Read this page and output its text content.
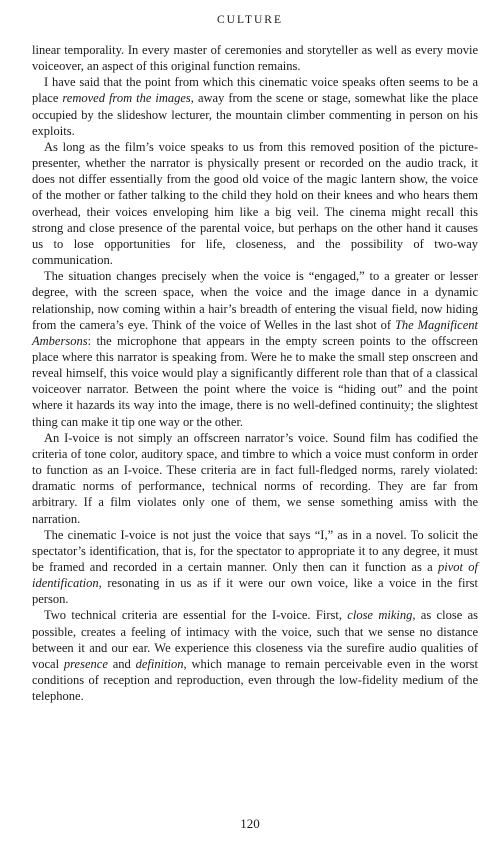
CULTURE

linear temporality. In every master of ceremonies and storyteller as well as every movie voiceover, an aspect of this original function remains.

I have said that the point from which this cinematic voice speaks often seems to be a place removed from the images, away from the scene or stage, somewhat like the place occupied by the slideshow lecturer, the mountain climber commenting in person on his exploits.

As long as the film’s voice speaks to us from this removed position of the picture-presenter, whether the narrator is physically present or recorded on the audio track, it does not differ essentially from the good old voice of the magic lantern show, the voice of the mother or father talking to the child they hold on their knees and who hears them overhead, their voices enveloping him like a big veil. The cinema might recall this strong and close presence of the parental voice, but perhaps on the other hand it causes us to lose opportunities for life, closeness, and the possibility of two-way communication.

The situation changes precisely when the voice is “engaged,” to a greater or lesser degree, with the screen space, when the voice and the image dance in a dynamic relationship, now coming within a hair’s breadth of entering the visual field, now hiding from the camera’s eye. Think of the voice of Welles in the last shot of The Magnificent Ambersons: the microphone that appears in the empty screen points to the offscreen place where this narrator is speaking from. Were he to make the small step onscreen and reveal himself, this voice would play a significantly different role than that of a classical voiceover narrator. Between the point where the voice is “hiding out” and the point where it hazards its way into the image, there is no well-defined continuity; the slightest thing can make it tip one way or the other.

An I-voice is not simply an offscreen narrator’s voice. Sound film has codified the criteria of tone color, auditory space, and timbre to which a voice must conform in order to function as an I-voice. These criteria are in fact full-fledged norms, rarely violated: dramatic norms of performance, technical norms of recording. They are far from arbitrary. If a film violates only one of them, we sense something amiss with the narration.

The cinematic I-voice is not just the voice that says “I,” as in a novel. To solicit the spectator’s identification, that is, for the spectator to appropriate it to any degree, it must be framed and recorded in a certain manner. Only then can it function as a pivot of identification, resonating in us as if it were our own voice, like a voice in the first person.

Two technical criteria are essential for the I-voice. First, close miking, as close as possible, creates a feeling of intimacy with the voice, such that we sense no distance between it and our ear. We experience this closeness via the surefire audio qualities of vocal presence and definition, which manage to remain perceivable even in the worst conditions of reception and reproduction, even through the low-fidelity medium of the telephone.

120
